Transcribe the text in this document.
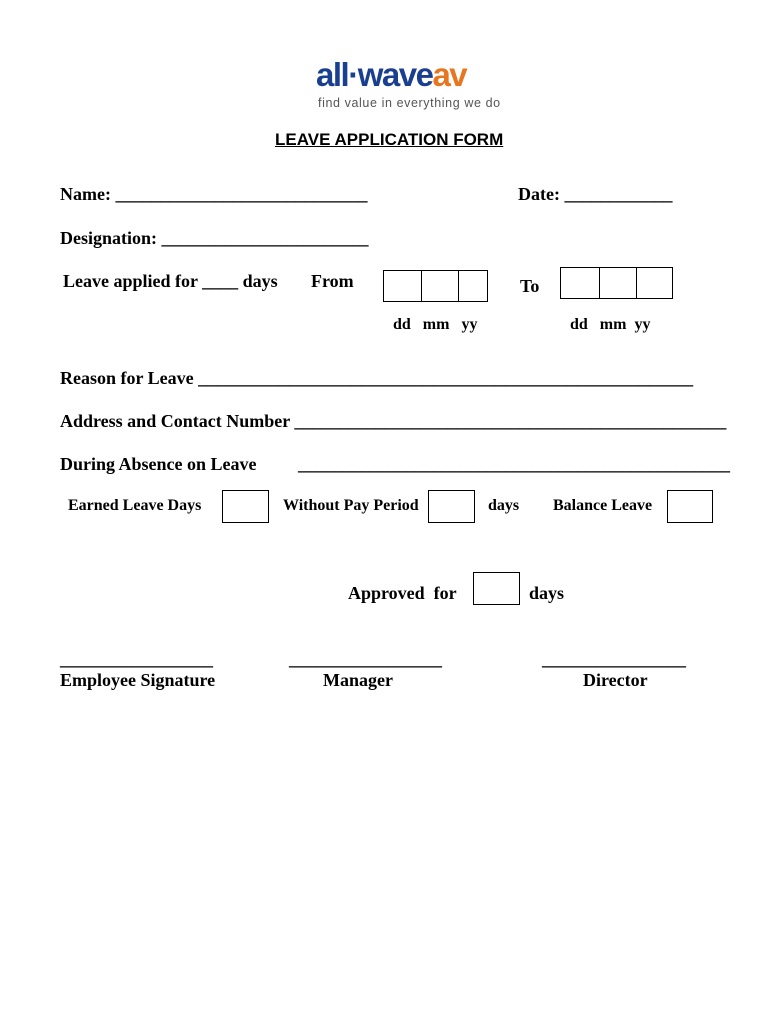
all·waveav
find value in everything we do
LEAVE APPLICATION FORM
Name: ____________________________	Date: ____________
Designation: _______________________
Leave applied for ____ days From	To
dd   mm   yy	dd   mm  yy
Reason for Leave _______________________________________________________
Address and Contact Number ________________________________________________
During Absence on Leave ________________________________________________
Earned Leave Days	Without Pay Period	days Balance Leave
Approved  for	days
_________________	_________________	________________
Employee Signature	Manager	Director
